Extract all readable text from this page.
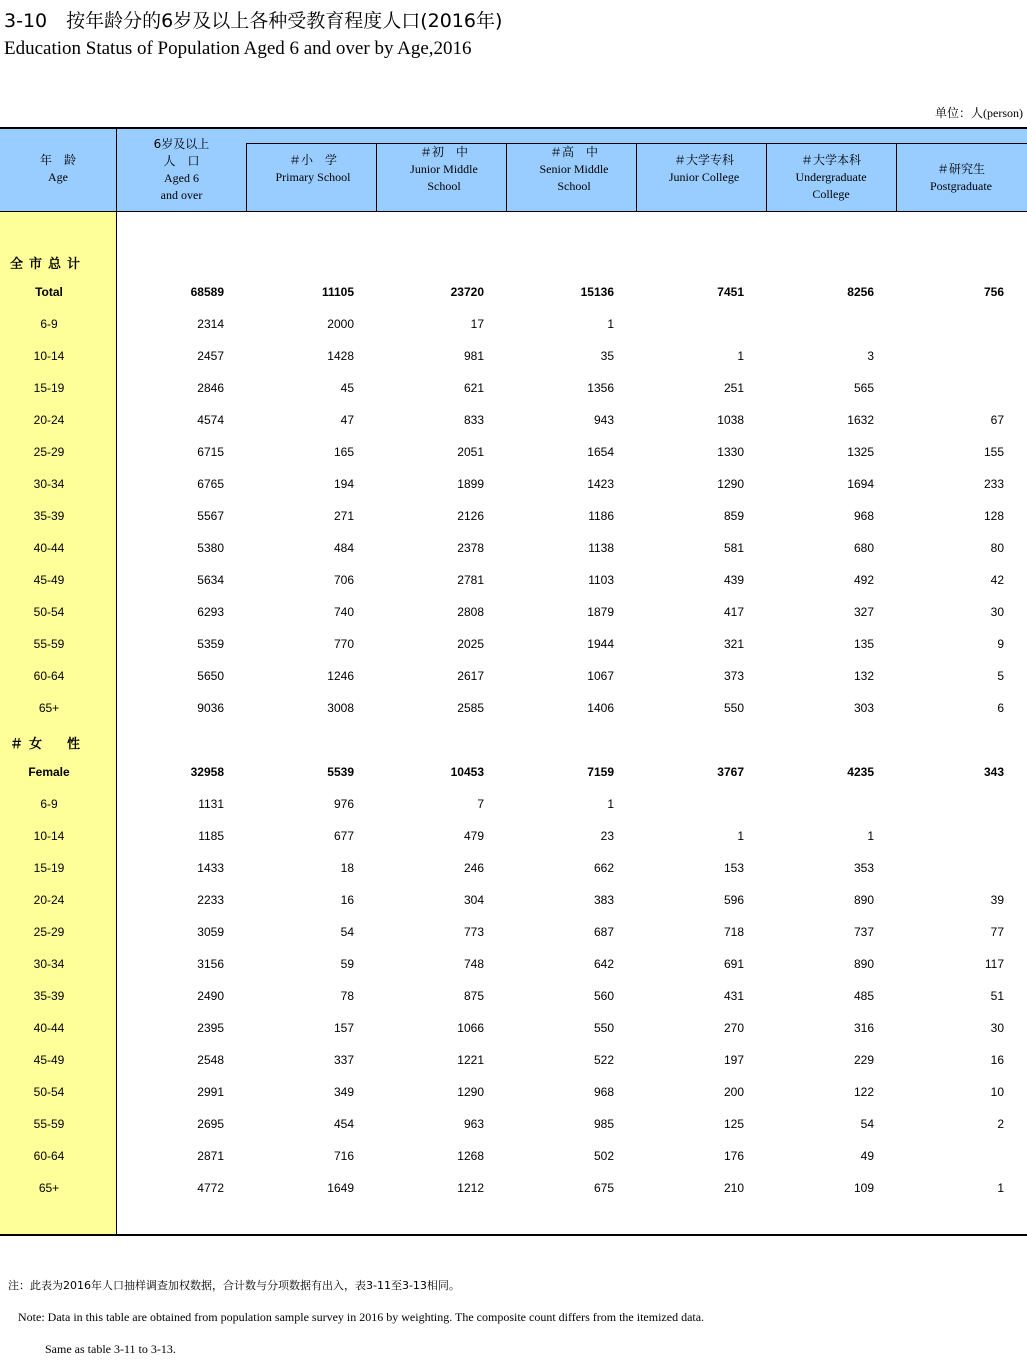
3-10　按年龄分的6岁及以上各种受教育程度人口(2016年)
Education Status of Population Aged 6 and over by Age,2016
单位：人(person)
年　龄
Age
6岁及以上
人　口
Aged 6
and over
＃小　学
Primary School
＃初　中
Junior Middle School
＃高　中
Senior Middle School
＃大学专科
Junior College
＃大学本科
Undergraduate College
＃研究生
Postgraduate
全市总计
Total	68589	11105	23720	15136	7451	8256	756
6-9	2314	2000	17	1
10-14	2457	1428	981	35	1	3
15-19	2846	45	621	1356	251	565
20-24	4574	47	833	943	1038	1632	67
25-29	6715	165	2051	1654	1330	1325	155
30-34	6765	194	1899	1423	1290	1694	233
35-39	5567	271	2126	1186	859	968	128
40-44	5380	484	2378	1138	581	680	80
45-49	5634	706	2781	1103	439	492	42
50-54	6293	740	2808	1879	417	327	30
55-59	5359	770	2025	1944	321	135	9
60-64	5650	1246	2617	1067	373	132	5
65+	9036	3008	2585	1406	550	303	6
＃女　性
Female	32958	5539	10453	7159	3767	4235	343
6-9	1131	976	7	1
10-14	1185	677	479	23	1	1
15-19	1433	18	246	662	153	353
20-24	2233	16	304	383	596	890	39
25-29	3059	54	773	687	718	737	77
30-34	3156	59	748	642	691	890	117
35-39	2490	78	875	560	431	485	51
40-44	2395	157	1066	550	270	316	30
45-49	2548	337	1221	522	197	229	16
50-54	2991	349	1290	968	200	122	10
55-59	2695	454	963	985	125	54	2
60-64	2871	716	1268	502	176	49
65+	4772	1649	1212	675	210	109	1
注：此表为2016年人口抽样调查加权数据，合计数与分项数据有出入，表3-11至3-13相同。
Note: Data in this table are obtained from population sample survey in 2016 by weighting. The composite count differs from the itemized data.
Same as table 3-11 to 3-13.
